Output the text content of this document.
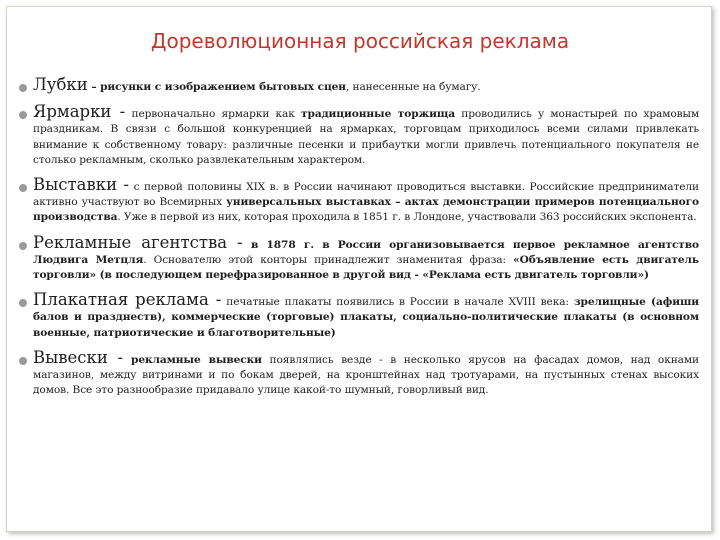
Дореволюционная российская реклама

Лубки – рисунки с изображением бытовых сцен, нанесенные на бумагу.

Ярмарки - первоначально ярмарки как традиционные торжища проводились у монастырей по храмовым праздникам. В связи с большой конкуренцией на ярмарках, торговцам приходилось всеми силами привлекать внимание к собственному товару: различные песенки и прибаутки могли привлечь потенциального покупателя не столько рекламным, сколько развлекательным характером.

Выставки - с первой половины XIX в. в России начинают проводиться выставки. Российские предприниматели активно участвуют во Всемирных универсальных выставках – актах демонстрации примеров потенциального производства. Уже в первой из них, которая проходила в 1851 г. в Лондоне, участвовали 363 российских экспонента.

Рекламные агентства - в 1878 г. в России организовывается первое рекламное агентство Людвига Метцля. Основателю этой конторы принадлежит знаменитая фраза: «Объявление есть двигатель торговли» (в последующем перефразированное в другой вид - «Реклама есть двигатель торговли»)

Плакатная реклама - печатные плакаты появились в России в начале XVIII века: зрелищные (афиши балов и празднеств), коммерческие (торговые) плакаты, социально-политические плакаты (в основном военные, патриотические и благотворительные)

Вывески - рекламные вывески появлялись везде - в несколько ярусов на фасадах домов, над окнами магазинов, между витринами и по бокам дверей, на кронштейнах над тротуарами, на пустынных стенах высоких домов. Все это разнообразие придавало улице какой-то шумный, говорливый вид.
